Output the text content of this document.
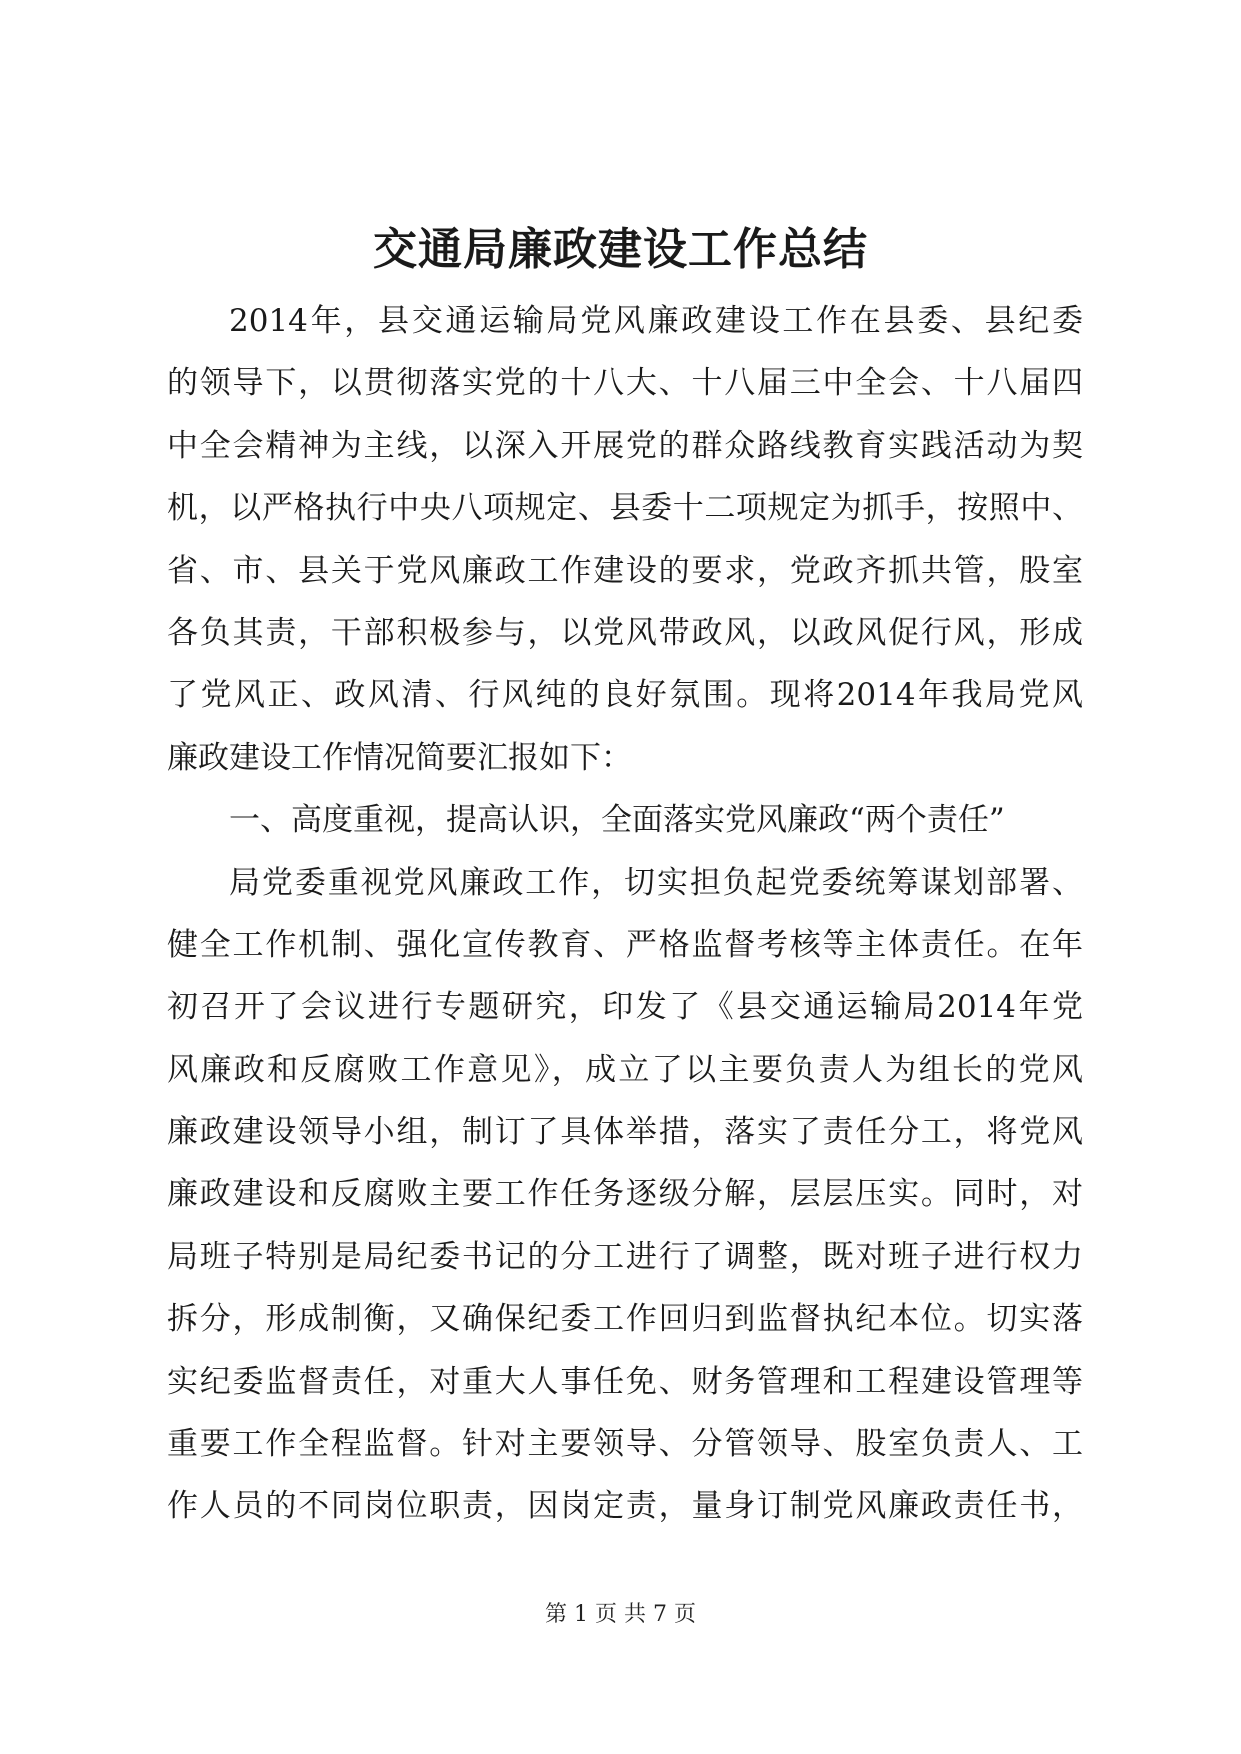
交通局廉政建设工作总结
2014年，县交通运输局党风廉政建设工作在县委、县纪委
的领导下，以贯彻落实党的十八大、十八届三中全会、十八届四
中全会精神为主线，以深入开展党的群众路线教育实践活动为契
机，以严格执行中央八项规定、县委十二项规定为抓手，按照中、
省、市、县关于党风廉政工作建设的要求，党政齐抓共管，股室
各负其责，干部积极参与，以党风带政风，以政风促行风，形成
了党风正、政风清、行风纯的良好氛围。现将2014年我局党风
廉政建设工作情况简要汇报如下：
一、高度重视，提高认识，全面落实党风廉政“两个责任”
局党委重视党风廉政工作，切实担负起党委统筹谋划部署、
健全工作机制、强化宣传教育、严格监督考核等主体责任。在年
初召开了会议进行专题研究，印发了《县交通运输局2014年党
风廉政和反腐败工作意见》，成立了以主要负责人为组长的党风
廉政建设领导小组，制订了具体举措，落实了责任分工，将党风
廉政建设和反腐败主要工作任务逐级分解，层层压实。同时，对
局班子特别是局纪委书记的分工进行了调整，既对班子进行权力
拆分，形成制衡，又确保纪委工作回归到监督执纪本位。切实落
实纪委监督责任，对重大人事任免、财务管理和工程建设管理等
重要工作全程监督。针对主要领导、分管领导、股室负责人、工
作人员的不同岗位职责，因岗定责，量身订制党风廉政责任书，
第 1 页 共 7 页
